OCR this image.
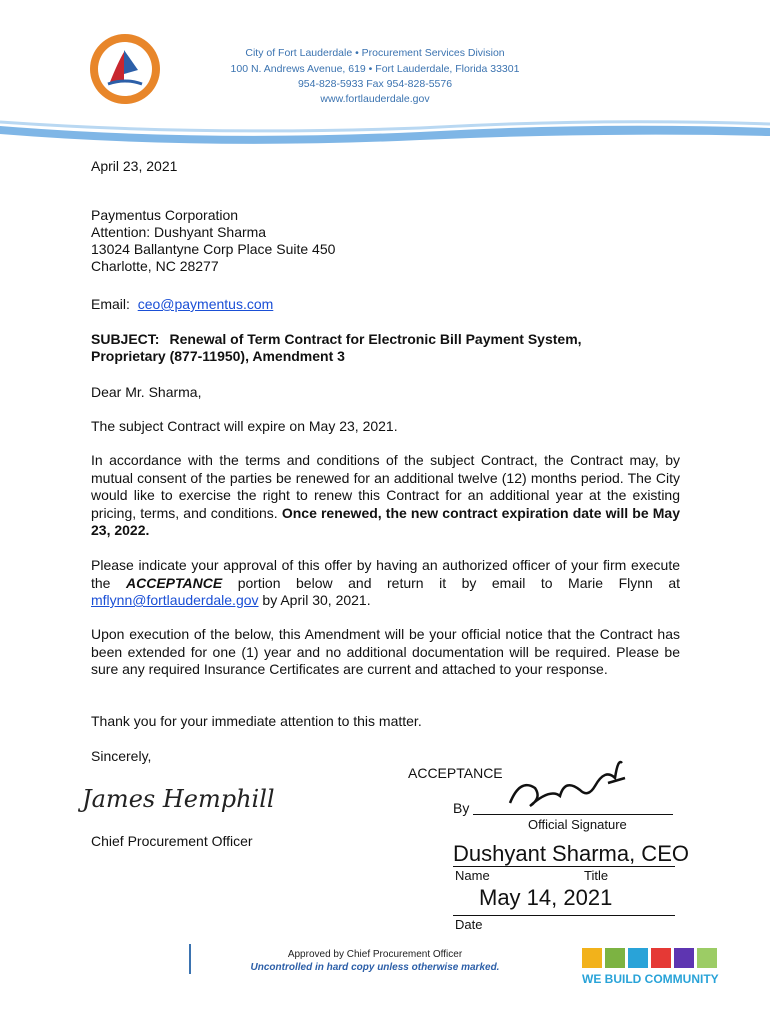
City of Fort Lauderdale • Procurement Services Division
100 N. Andrews Avenue, 619 • Fort Lauderdale, Florida 33301
954-828-5933 Fax 954-828-5576
www.fortlauderdale.gov
April 23, 2021
Paymentus Corporation
Attention: Dushyant Sharma
13024 Ballantyne Corp Place Suite 450
Charlotte, NC 28277
Email:  ceo@paymentus.com
SUBJECT: Renewal of Term Contract for Electronic Bill Payment System,
Proprietary (877-11950), Amendment 3
Dear Mr. Sharma,
The subject Contract will expire on May 23, 2021.
In accordance with the terms and conditions of the subject Contract, the Contract may, by mutual consent of the parties be renewed for an additional twelve (12) months period. The City would like to exercise the right to renew this Contract for an additional year at the existing pricing, terms, and conditions. Once renewed, the new contract expiration date will be May 23, 2022.
Please indicate your approval of this offer by having an authorized officer of your firm execute the ACCEPTANCE portion below and return it by email to Marie Flynn at mflynn@fortlauderdale.gov by April 30, 2021.
Upon execution of the below, this Amendment will be your official notice that the Contract has been extended for one (1) year and no additional documentation will be required. Please be sure any required Insurance Certificates are current and attached to your response.
Thank you for your immediate attention to this matter.
Sincerely,
James Hemphill
Chief Procurement Officer
ACCEPTANCE
By
Official Signature
Dushyant Sharma, CEO
Name	Title
May 14, 2021
Date
Approved by Chief Procurement Officer
Uncontrolled in hard copy unless otherwise marked.
WE BUILD COMMUNITY
